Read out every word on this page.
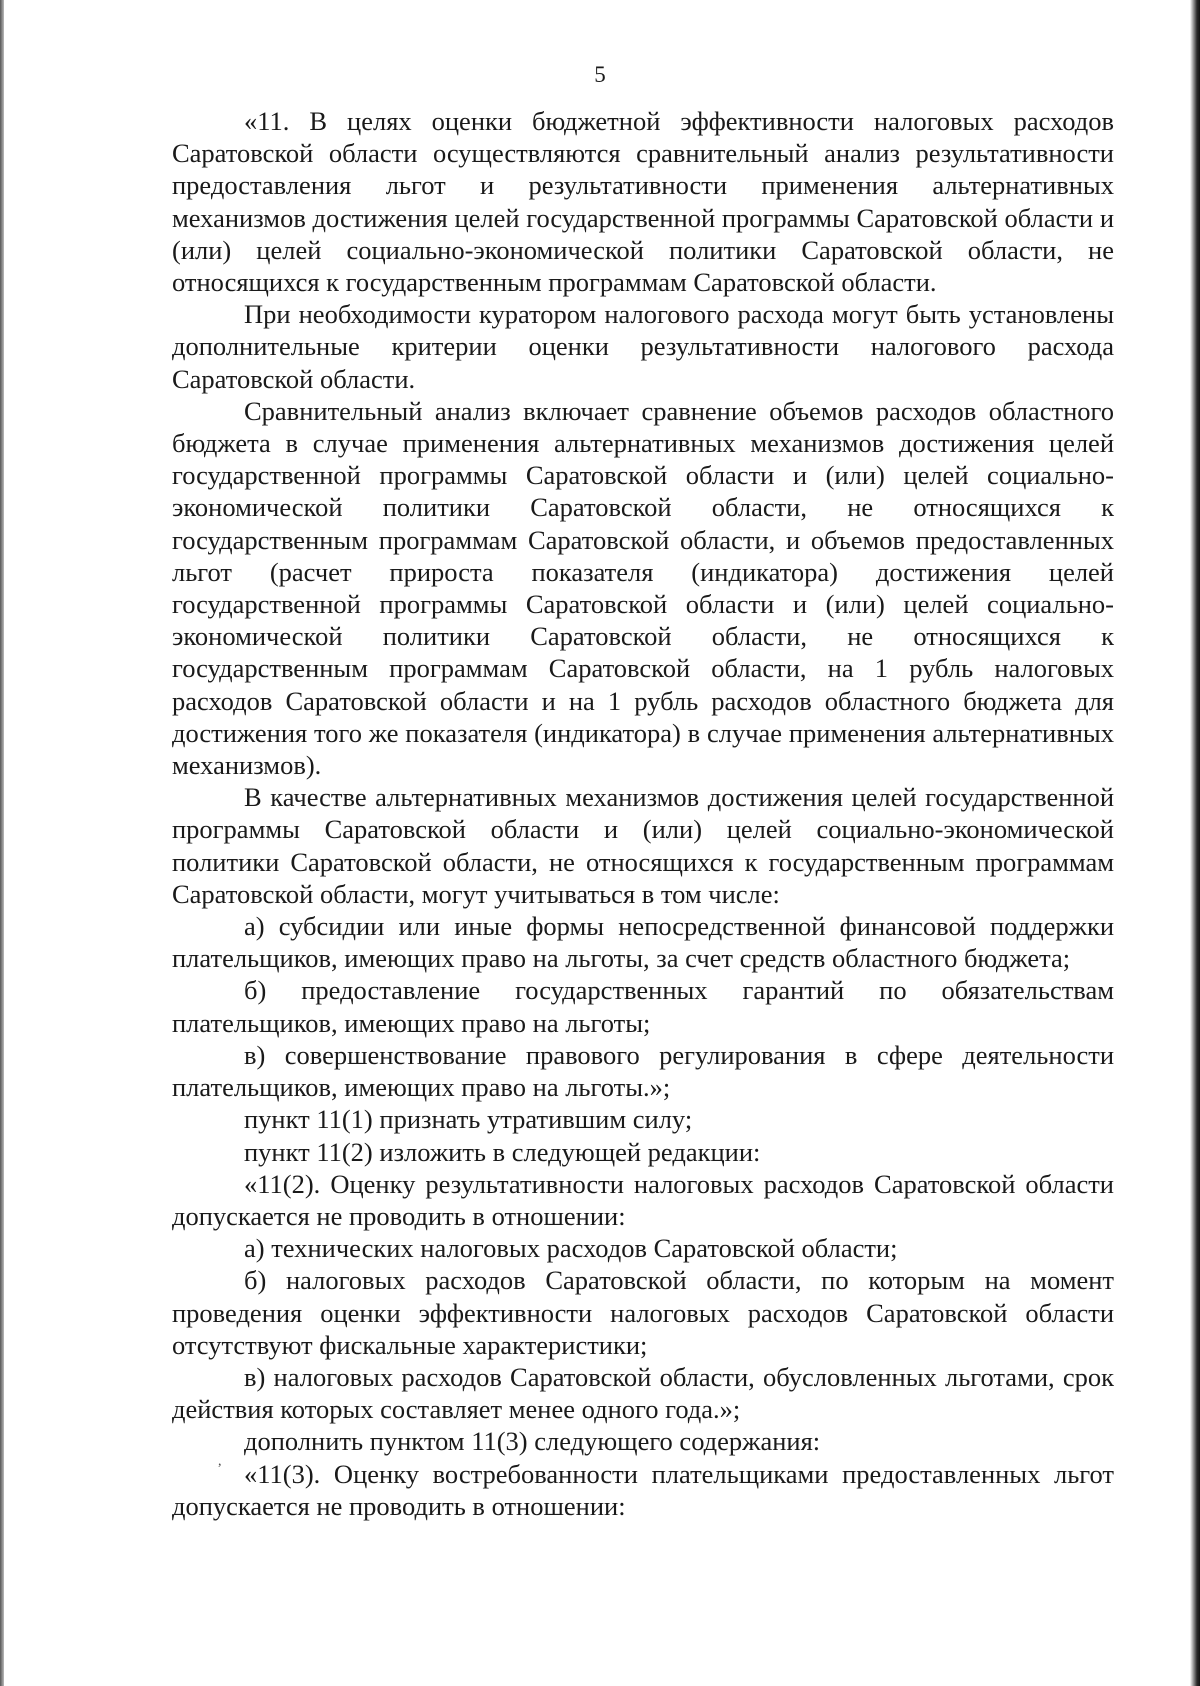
5

«11. В целях оценки бюджетной эффективности налоговых расходов Саратовской области осуществляются сравнительный анализ результативности предоставления льгот и результативности применения альтернативных механизмов достижения целей государственной программы Саратовской области и (или) целей социально-экономической политики Саратовской области, не относящихся к государственным программам Саратовской области.

При необходимости куратором налогового расхода могут быть установлены дополнительные критерии оценки результативности налогового расхода Саратовской области.

Сравнительный анализ включает сравнение объемов расходов областного бюджета в случае применения альтернативных механизмов достижения целей государственной программы Саратовской области и (или) целей социально-экономической политики Саратовской области, не относящихся к государственным программам Саратовской области, и объемов предоставленных льгот (расчет прироста показателя (индикатора) достижения целей государственной программы Саратовской области и (или) целей социально-экономической политики Саратовской области, не относящихся к государственным программам Саратовской области, на 1 рубль налоговых расходов Саратовской области и на 1 рубль расходов областного бюджета для достижения того же показателя (индикатора) в случае применения альтернативных механизмов).

В качестве альтернативных механизмов достижения целей государственной программы Саратовской области и (или) целей социально-экономической политики Саратовской области, не относящихся к государственным программам Саратовской области, могут учитываться в том числе:

а) субсидии или иные формы непосредственной финансовой поддержки плательщиков, имеющих право на льготы, за счет средств областного бюджета;

б) предоставление государственных гарантий по обязательствам плательщиков, имеющих право на льготы;

в) совершенствование правового регулирования в сфере деятельности плательщиков, имеющих право на льготы.»;

пункт 11(1) признать утратившим силу;

пункт 11(2) изложить в следующей редакции:

«11(2). Оценку результативности налоговых расходов Саратовской области допускается не проводить в отношении:

а) технических налоговых расходов Саратовской области;

б) налоговых расходов Саратовской области, по которым на момент проведения оценки эффективности налоговых расходов Саратовской области отсутствуют фискальные характеристики;

в) налоговых расходов Саратовской области, обусловленных льготами, срок действия которых составляет менее одного года.»;

дополнить пунктом 11(3) следующего содержания:

«11(3). Оценку востребованности плательщиками предоставленных льгот допускается не проводить в отношении:

,
